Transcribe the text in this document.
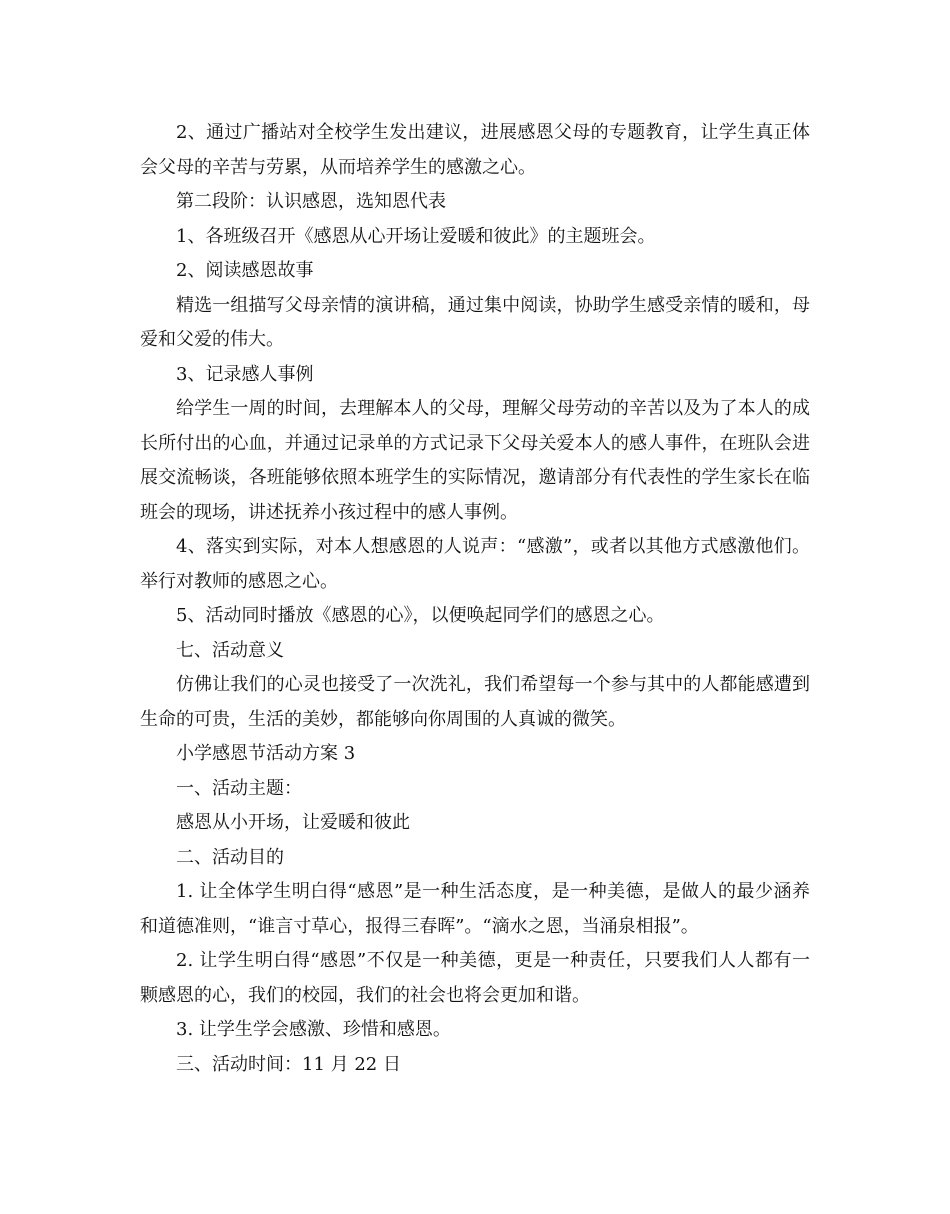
2、通过广播站对全校学生发出建议，进展感恩父母的专题教育，让学生真正体会父母的辛苦与劳累，从而培养学生的感激之心。

第二段阶：认识感恩，选知恩代表

1、各班级召开《感恩从心开场让爱暖和彼此》的主题班会。

2、阅读感恩故事

精选一组描写父母亲情的演讲稿，通过集中阅读，协助学生感受亲情的暖和，母爱和父爱的伟大。

3、记录感人事例

给学生一周的时间，去理解本人的父母，理解父母劳动的辛苦以及为了本人的成长所付出的心血，并通过记录单的方式记录下父母关爱本人的感人事件，在班队会进展交流畅谈，各班能够依照本班学生的实际情况，邀请部分有代表性的学生家长在临班会的现场，讲述抚养小孩过程中的感人事例。

4、落实到实际，对本人想感恩的人说声：“感激”，或者以其他方式感激他们。举行对教师的感恩之心。

5、活动同时播放《感恩的心》，以便唤起同学们的感恩之心。

七、活动意义

仿佛让我们的心灵也接受了一次洗礼，我们希望每一个参与其中的人都能感遭到生命的可贵，生活的美妙，都能够向你周围的人真诚的微笑。

小学感恩节活动方案 3

一、活动主题：

感恩从小开场，让爱暖和彼此

二、活动目的

1. 让全体学生明白得“感恩”是一种生活态度，是一种美德，是做人的最少涵养和道德准则，“谁言寸草心，报得三春晖”。“滴水之恩，当涌泉相报”。

2. 让学生明白得“感恩”不仅是一种美德，更是一种责任，只要我们人人都有一颗感恩的心，我们的校园，我们的社会也将会更加和谐。

3. 让学生学会感激、珍惜和感恩。

三、活动时间：11 月 22 日
